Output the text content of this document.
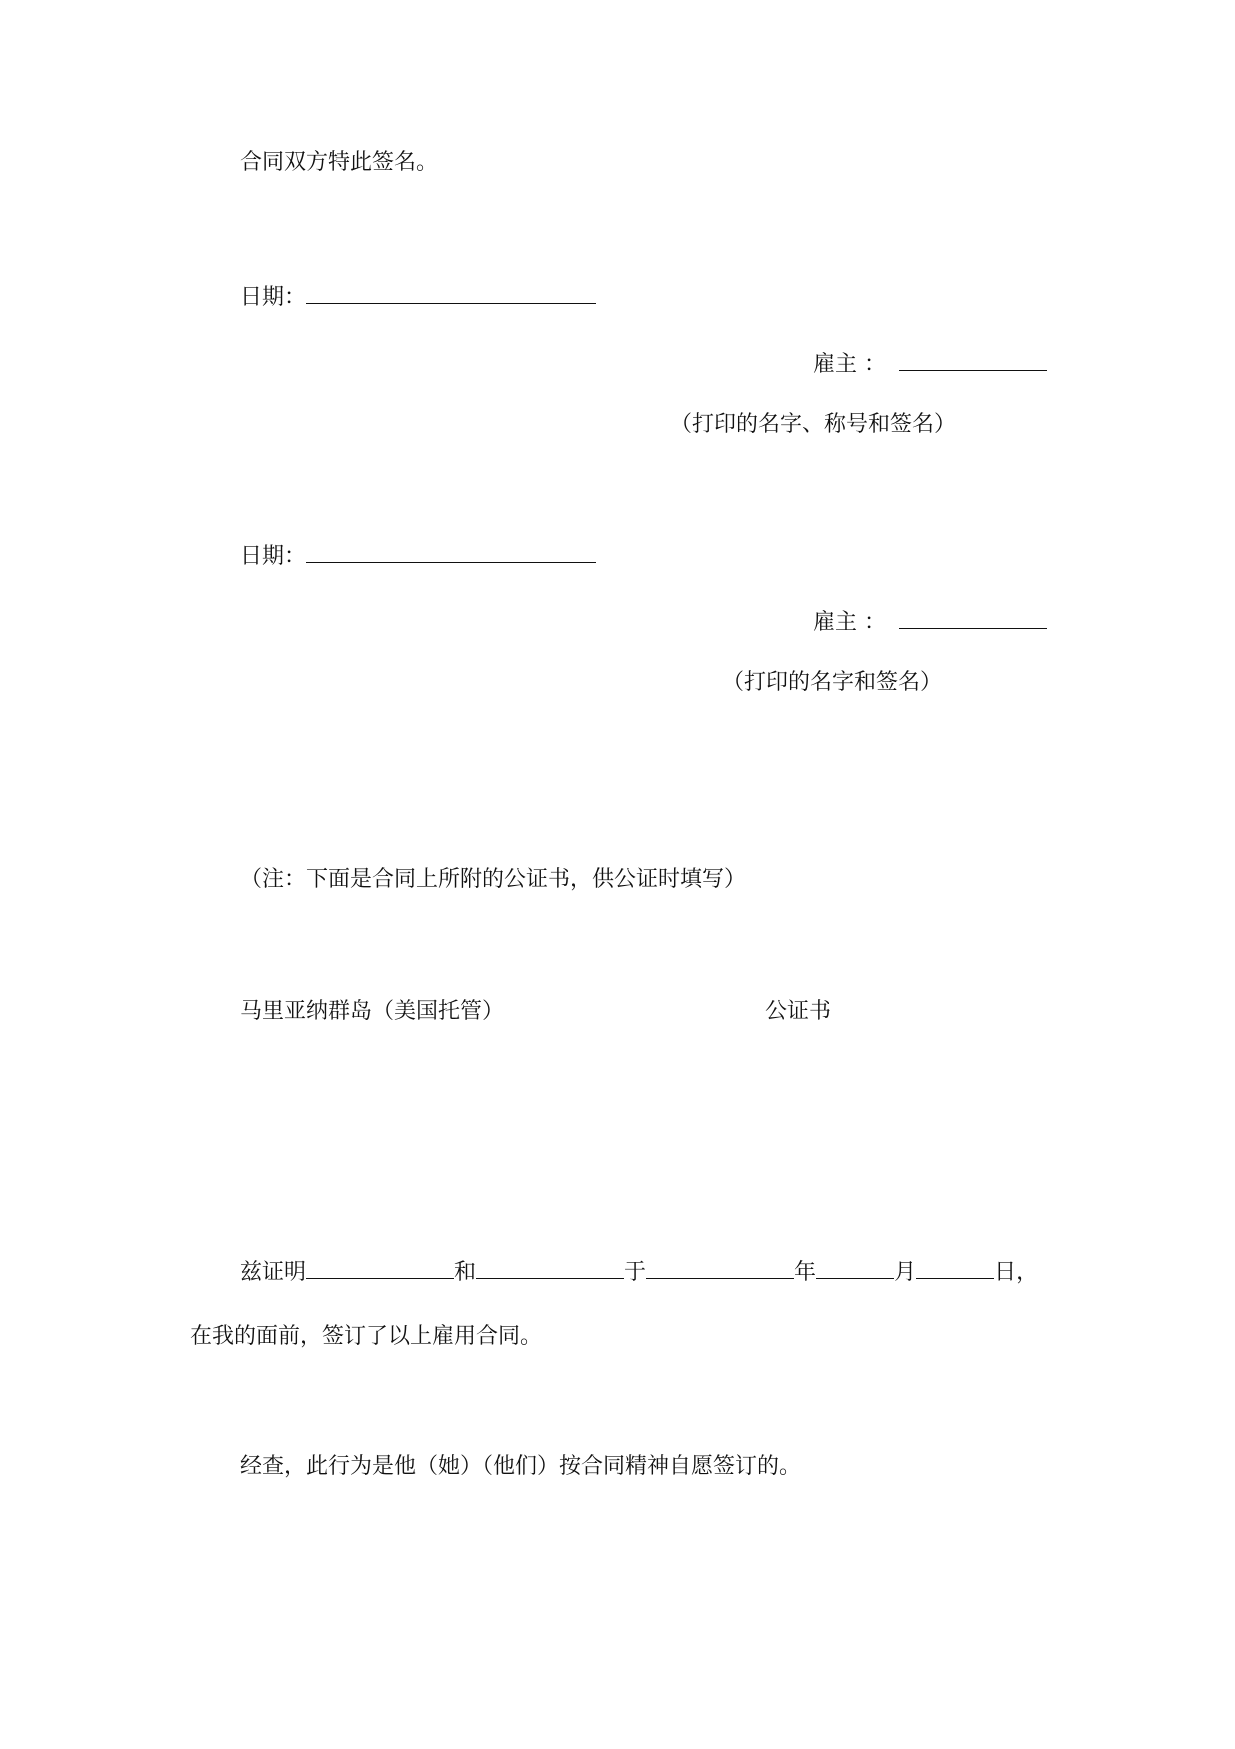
合同双方特此签名。
日期：
雇主 ：
（打印的名字、称号和签名）
日期：
雇主 ：
（打印的名字和签名）
（注：下面是合同上所附的公证书，供公证时填写）
马里亚纳群岛（美国托管）	公证书
兹证明	和	于	年	月	日，
在我的面前，签订了以上雇用合同。
经查，此行为是他（她）（他们）按合同精神自愿签订的。
